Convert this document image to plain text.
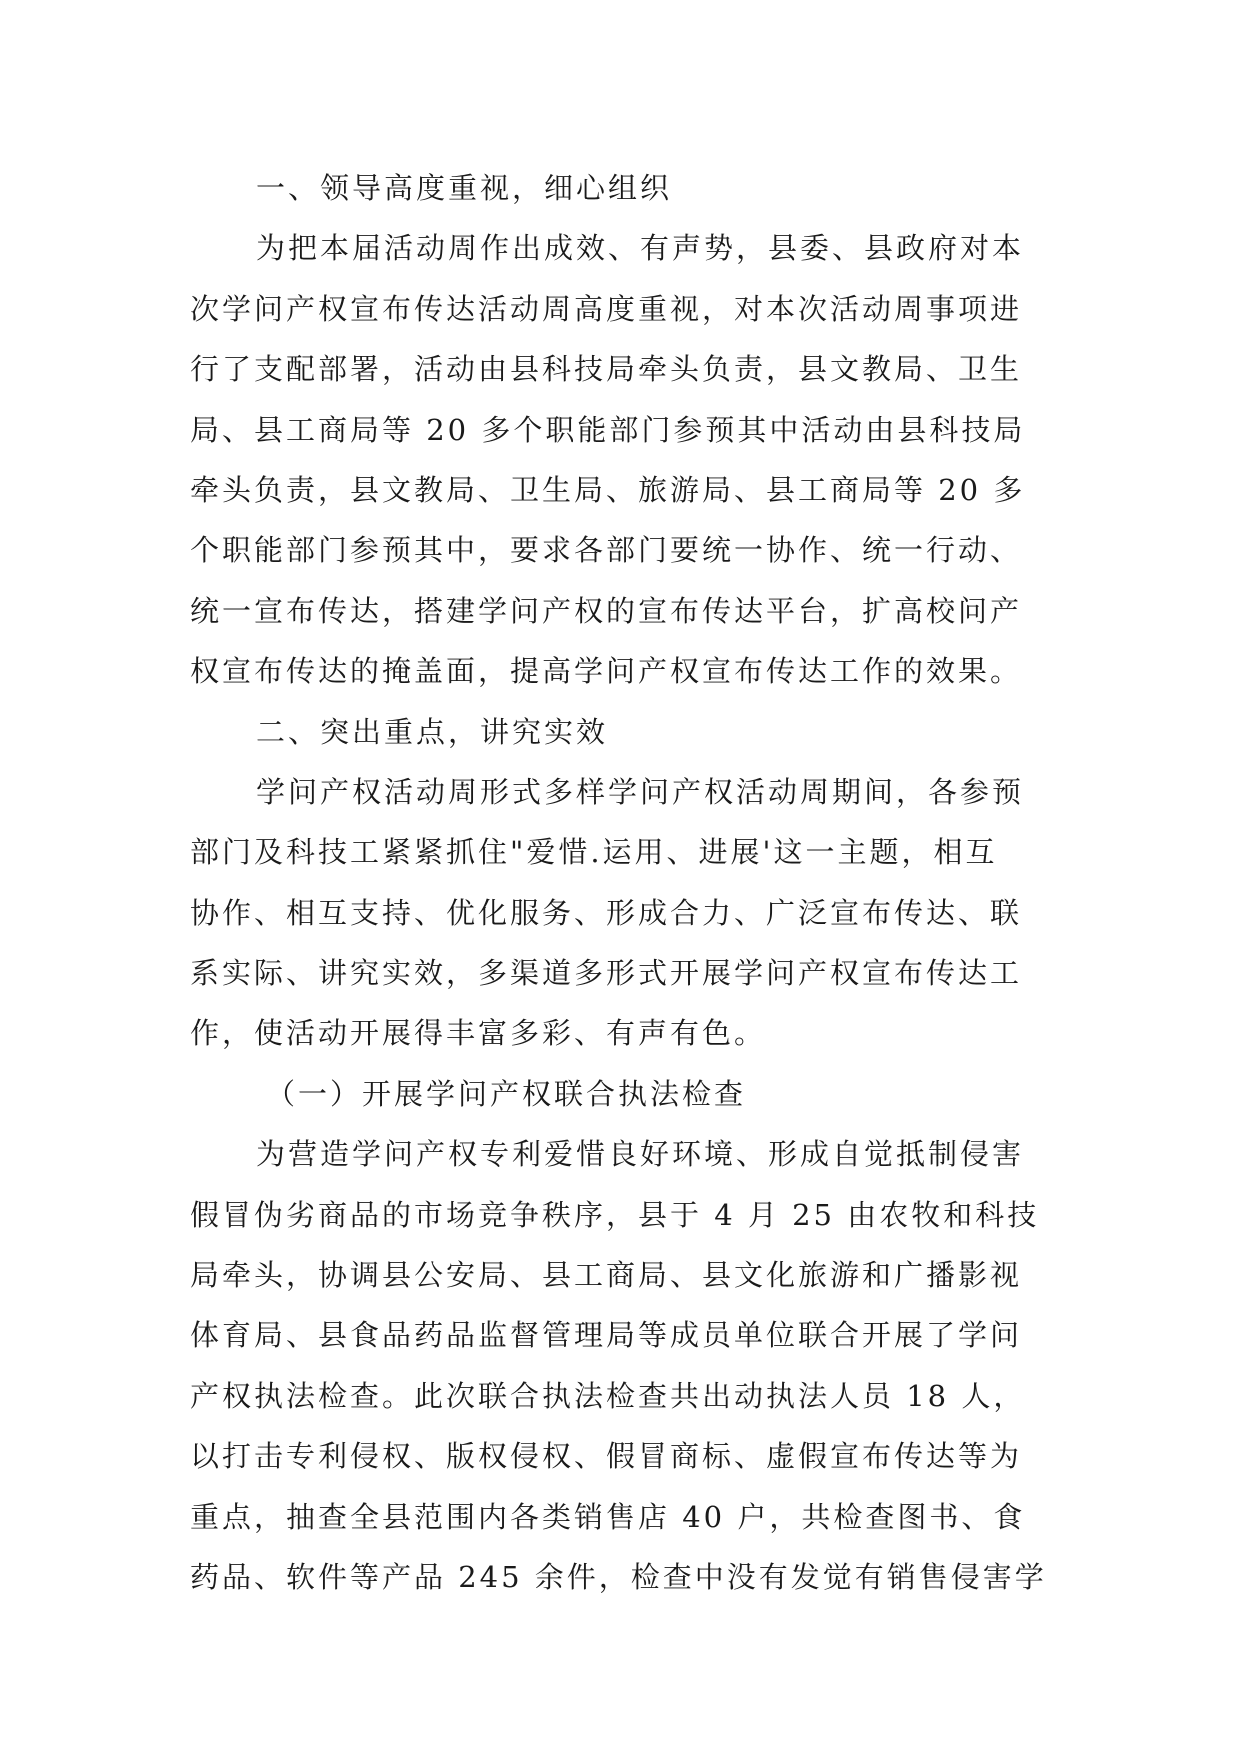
一、领导高度重视，细心组织
为把本届活动周作出成效、有声势，县委、县政府对本
次学问产权宣布传达活动周高度重视，对本次活动周事项进
行了支配部署，活动由县科技局牵头负责，县文教局、卫生
局、县工商局等 20 多个职能部门参预其中活动由县科技局
牵头负责，县文教局、卫生局、旅游局、县工商局等 20 多
个职能部门参预其中，要求各部门要统一协作、统一行动、
统一宣布传达，搭建学问产权的宣布传达平台，扩高校问产
权宣布传达的掩盖面，提高学问产权宣布传达工作的效果。
二、突出重点，讲究实效
学问产权活动周形式多样学问产权活动周期间，各参预
部门及科技工紧紧抓住"爱惜.运用、进展'这一主题，相互
协作、相互支持、优化服务、形成合力、广泛宣布传达、联
系实际、讲究实效，多渠道多形式开展学问产权宣布传达工
作，使活动开展得丰富多彩、有声有色。
（一）开展学问产权联合执法检查
为营造学问产权专利爱惜良好环境、形成自觉抵制侵害
假冒伪劣商品的市场竞争秩序，县于 4 月 25 由农牧和科技
局牵头，协调县公安局、县工商局、县文化旅游和广播影视
体育局、县食品药品监督管理局等成员单位联合开展了学问
产权执法检查。此次联合执法检查共出动执法人员 18 人，
以打击专利侵权、版权侵权、假冒商标、虚假宣布传达等为
重点，抽查全县范围内各类销售店 40 户，共检查图书、食
药品、软件等产品 245 余件，检查中没有发觉有销售侵害学
